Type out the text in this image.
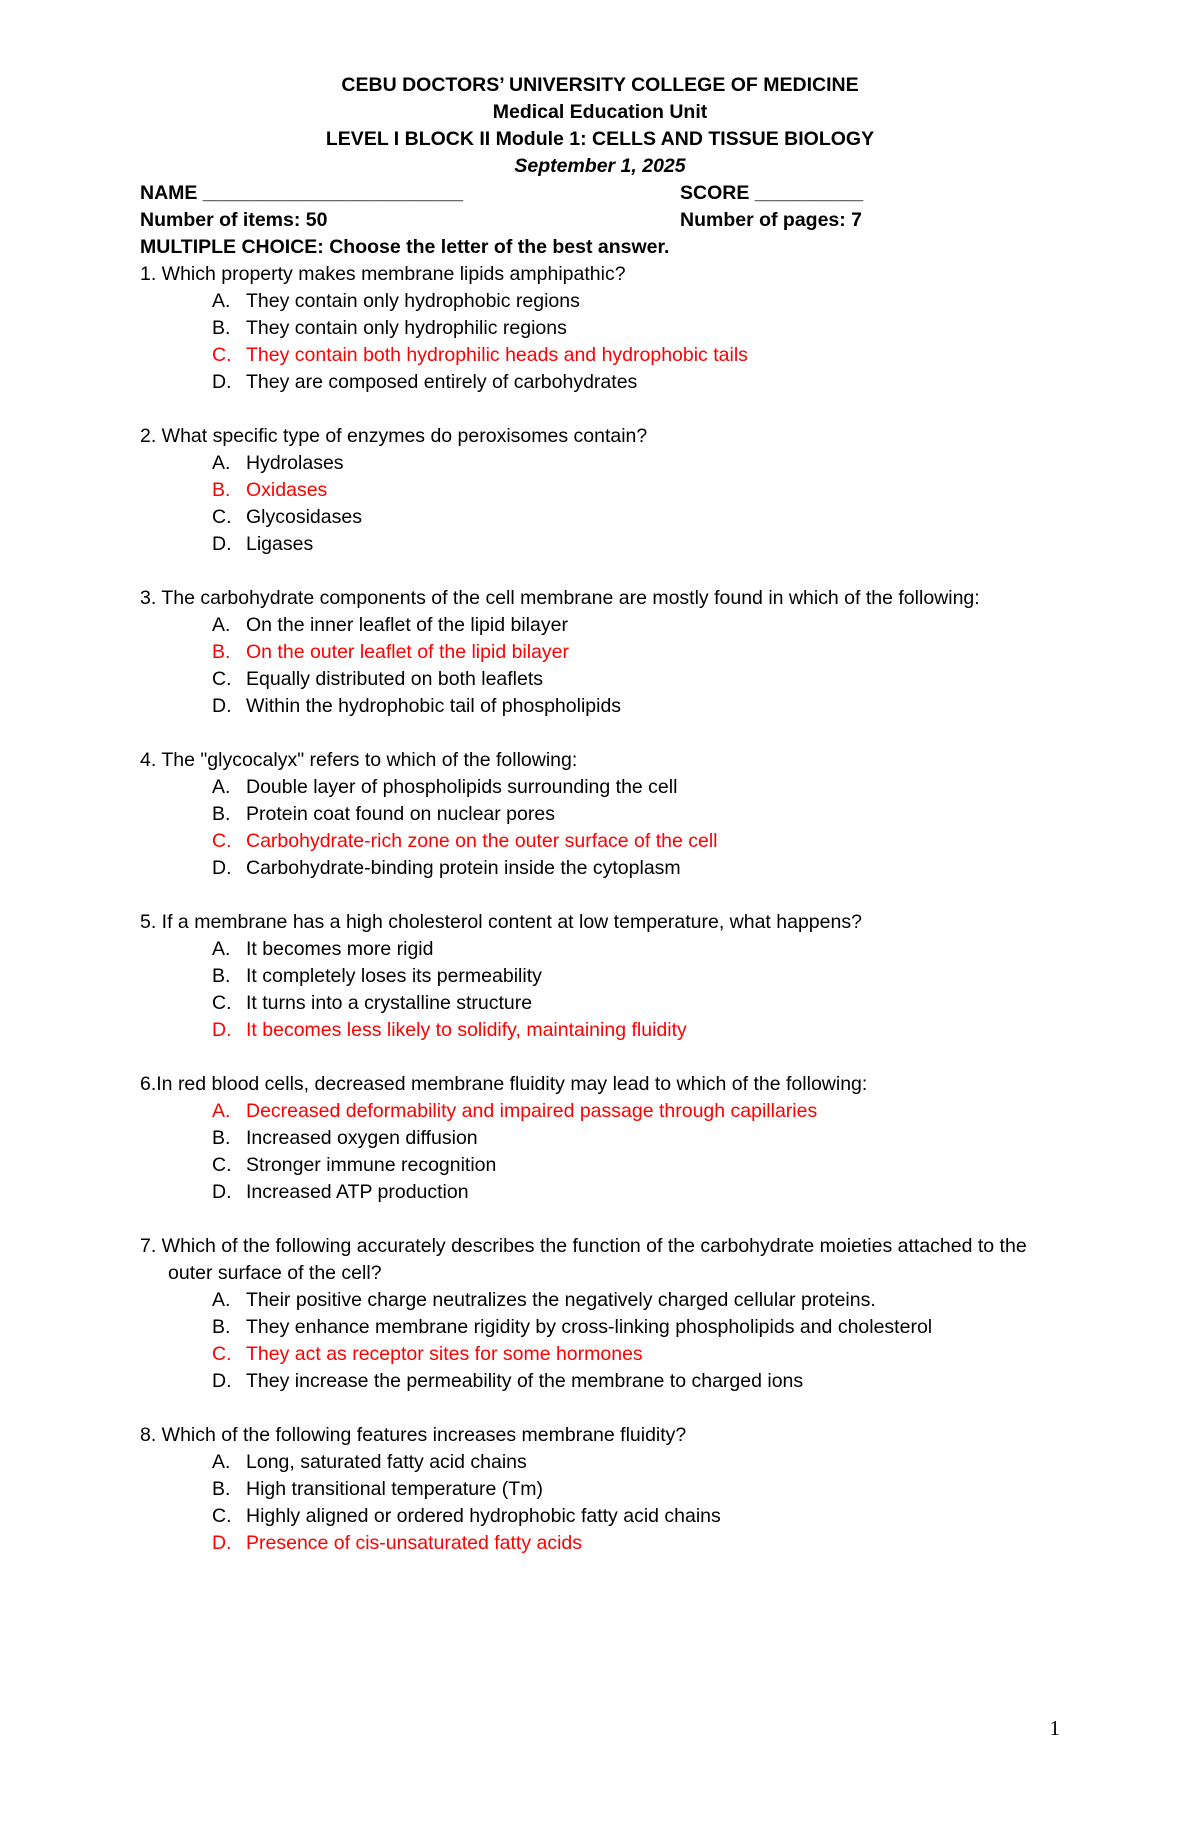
CEBU DOCTORS’ UNIVERSITY COLLEGE OF MEDICINE
Medical Education Unit
LEVEL I BLOCK II Module 1: CELLS AND TISSUE BIOLOGY
September 1, 2025
NAME ________________________	SCORE __________
Number of items: 50	Number of pages: 7
MULTIPLE CHOICE: Choose the letter of the best answer.
1. Which property makes membrane lipids amphipathic?
A. They contain only hydrophobic regions
B. They contain only hydrophilic regions
C. They contain both hydrophilic heads and hydrophobic tails
D. They are composed entirely of carbohydrates
2. What specific type of enzymes do peroxisomes contain?
A. Hydrolases
B. Oxidases
C. Glycosidases
D. Ligases
3. The carbohydrate components of the cell membrane are mostly found in which of the following:
A. On the inner leaflet of the lipid bilayer
B. On the outer leaflet of the lipid bilayer
C. Equally distributed on both leaflets
D. Within the hydrophobic tail of phospholipids
4. The "glycocalyx" refers to which of the following:
A. Double layer of phospholipids surrounding the cell
B. Protein coat found on nuclear pores
C. Carbohydrate-rich zone on the outer surface of the cell
D. Carbohydrate-binding protein inside the cytoplasm
5. If a membrane has a high cholesterol content at low temperature, what happens?
A. It becomes more rigid
B. It completely loses its permeability
C. It turns into a crystalline structure
D. It becomes less likely to solidify, maintaining fluidity
6.In red blood cells, decreased membrane fluidity may lead to which of the following:
A. Decreased deformability and impaired passage through capillaries
B. Increased oxygen diffusion
C. Stronger immune recognition
D. Increased ATP production
7. Which of the following accurately describes the function of the carbohydrate moieties attached to the outer surface of the cell?
A. Their positive charge neutralizes the negatively charged cellular proteins.
B. They enhance membrane rigidity by cross-linking phospholipids and cholesterol
C. They act as receptor sites for some hormones
D. They increase the permeability of the membrane to charged ions
8. Which of the following features increases membrane fluidity?
A. Long, saturated fatty acid chains
B. High transitional temperature (Tm)
C. Highly aligned or ordered hydrophobic fatty acid chains
D. Presence of cis-unsaturated fatty acids
1
